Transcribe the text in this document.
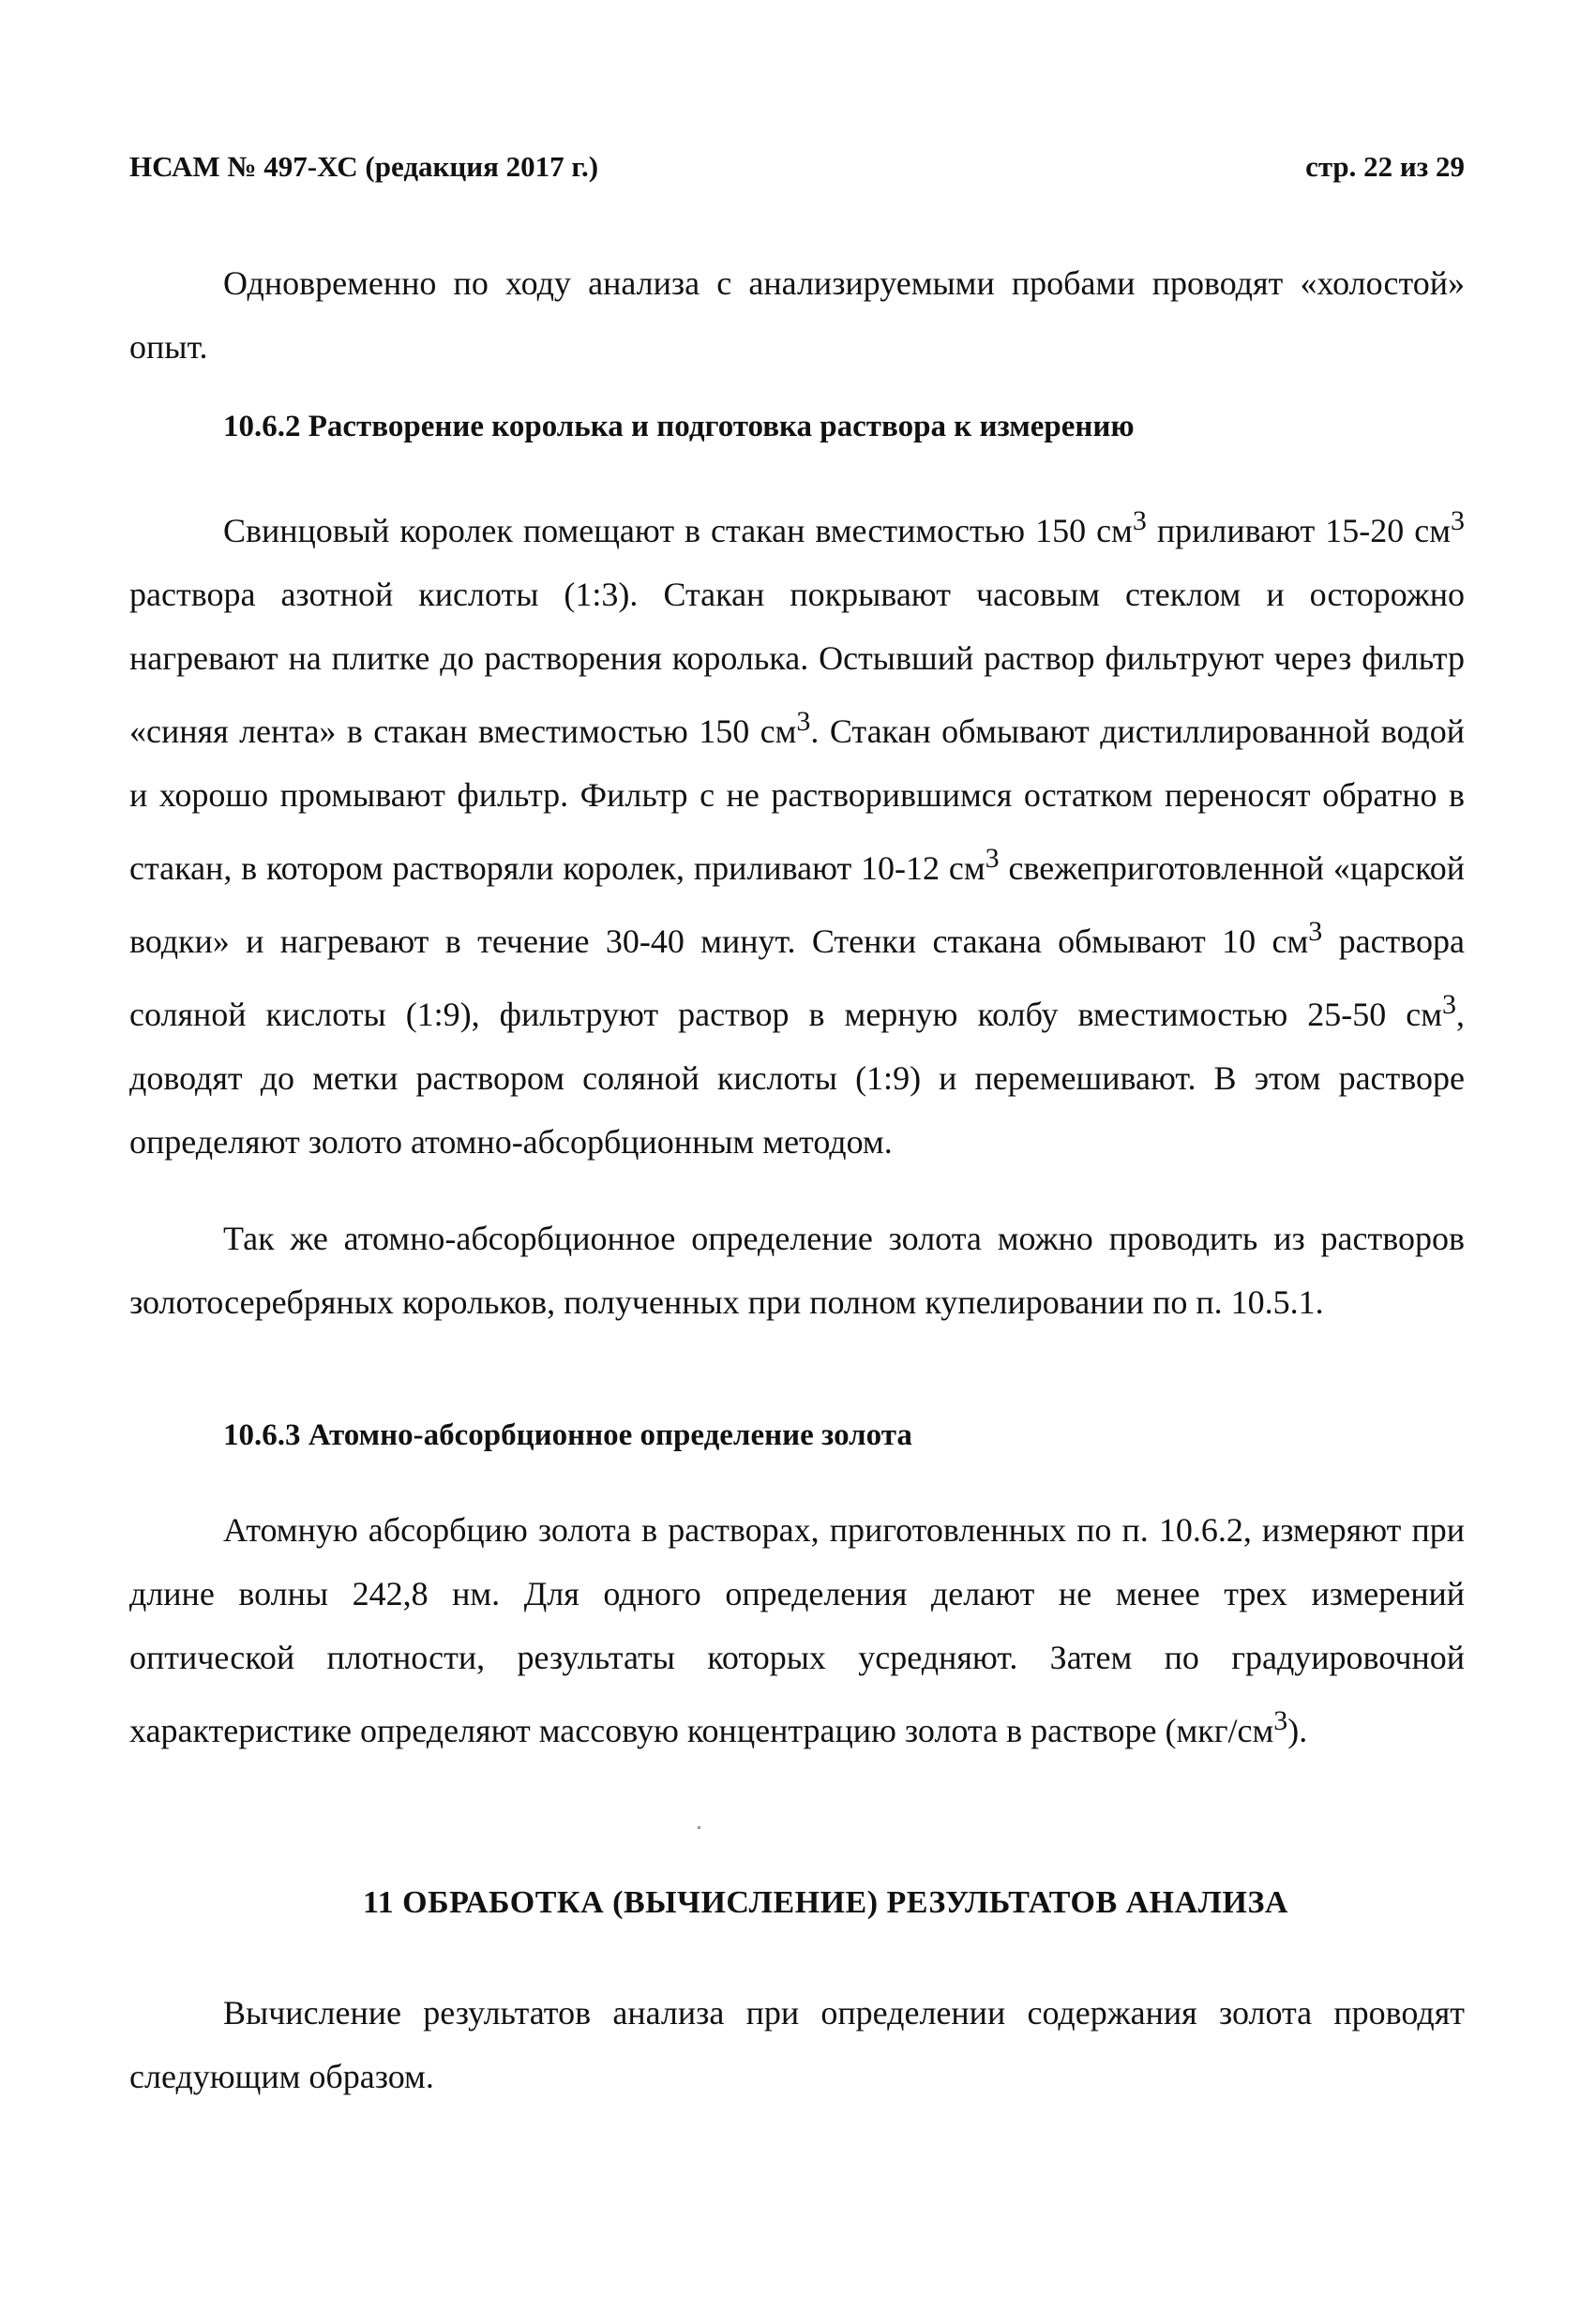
НСАМ № 497-ХС (редакция 2017 г.)	стр. 22 из 29

Одновременно по ходу анализа с анализируемыми пробами проводят «холостой» опыт.

10.6.2 Растворение королька и подготовка раствора к измерению

Свинцовый королек помещают в стакан вместимостью 150 $см^3$ приливают 15-20 $см^3$ раствора азотной кислоты (1:3). Стакан покрывают часовым стеклом и осторожно нагревают на плитке до растворения королька. Остывший раствор фильтруют через фильтр «синяя лента» в стакан вместимостью 150 $см^3$. Стакан обмывают дистиллированной водой и хорошо промывают фильтр. Фильтр с не растворившимся остатком переносят обратно в стакан, в котором растворяли королек, приливают 10-12 $см^3$ свежеприготовленной «царской водки» и нагревают в течение 30-40 минут. Стенки стакана обмывают 10 $см^3$ раствора соляной кислоты (1:9), фильтруют раствор в мерную колбу вместимостью 25-50 $см^3$, доводят до метки раствором соляной кислоты (1:9) и перемешивают. В этом растворе определяют золото атомно-абсорбционным методом.

Так же атомно-абсорбционное определение золота можно проводить из растворов золотосеребряных корольков, полученных при полном купелировании по п. 10.5.1.

10.6.3 Атомно-абсорбционное определение золота

Атомную абсорбцию золота в растворах, приготовленных по п. 10.6.2, измеряют при длине волны 242,8 нм. Для одного определения делают не менее трех измерений оптической плотности, результаты которых усредняют. Затем по градуировочной характеристике определяют массовую концентрацию золота в растворе $(мкг/см^3)$.

11 ОБРАБОТКА (ВЫЧИСЛЕНИЕ) РЕЗУЛЬТАТОВ АНАЛИЗА

Вычисление результатов анализа при определении содержания золота проводят следующим образом.
